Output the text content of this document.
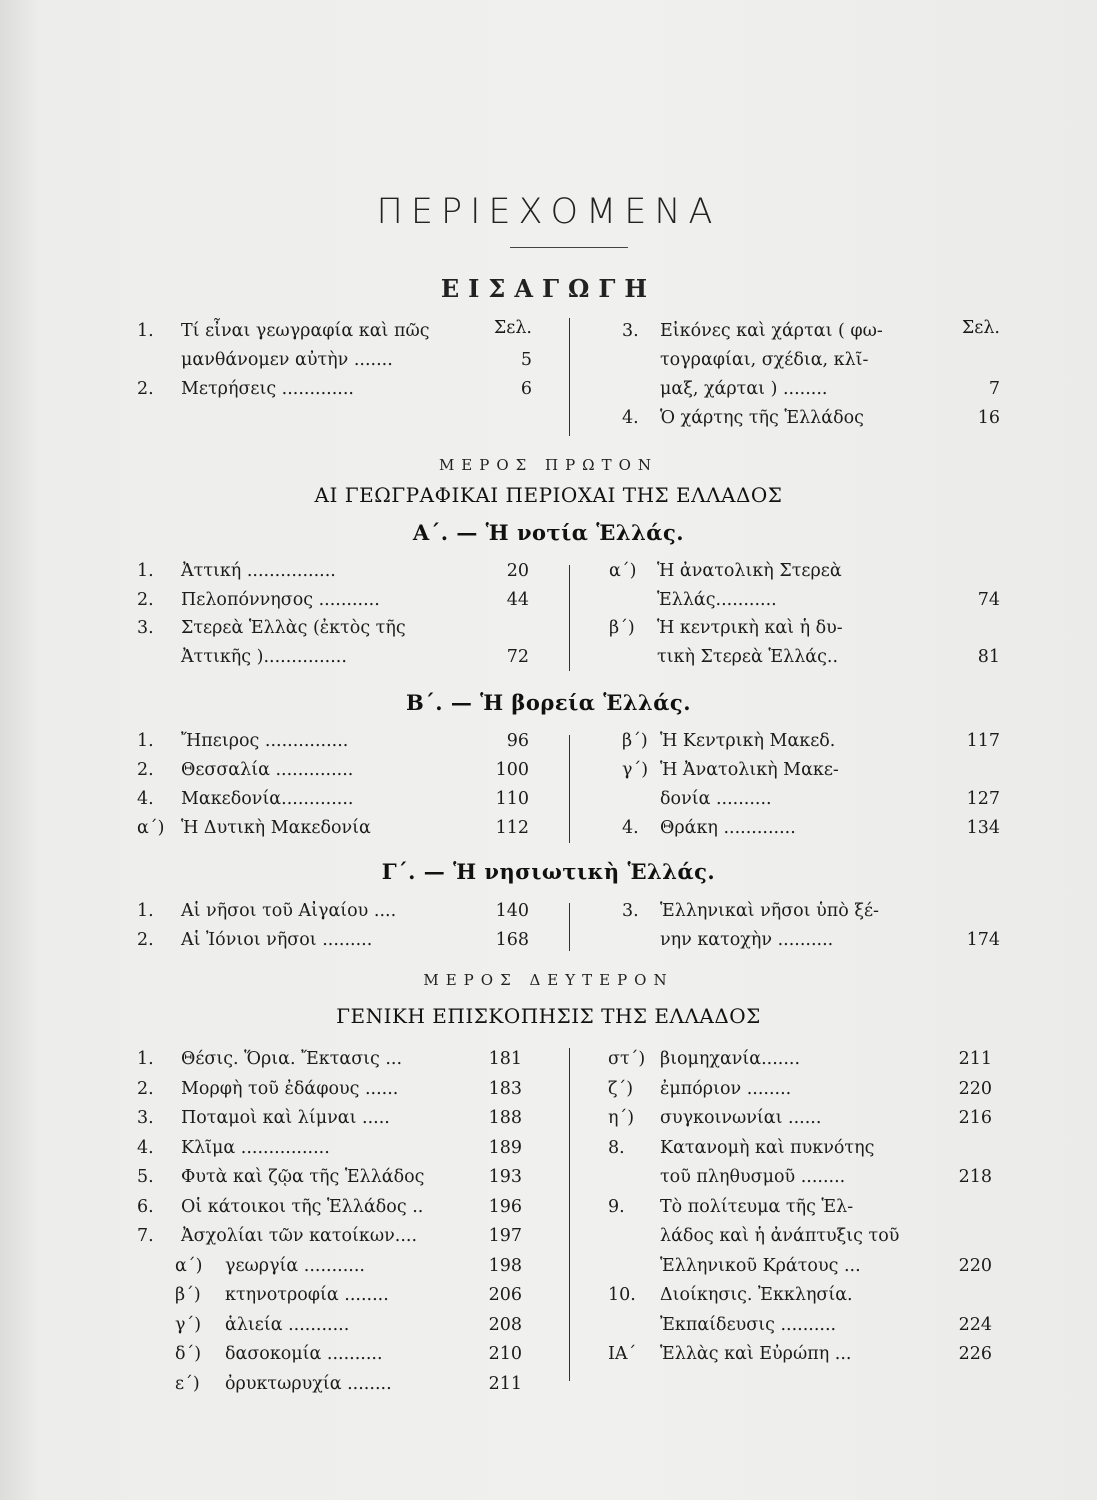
ΠΕΡΙΕΧΟΜΕΝΑ
ΕΙΣΑΓΩΓΗ
Σελ.
1. Τί εἶναι γεωγραφία καὶ πῶς
μανθάνομεν αὐτὴν .......	5
2. Μετρήσεις .............	6
Σελ.
3. Εἰκόνες καὶ χάρται ( φω-
τογραφίαι, σχέδια, κλῖ-
μαξ, χάρται ) ........	7
4. Ὁ χάρτης τῆς Ἑλλάδος	16
ΜΕΡΟΣ ΠΡΩΤΟΝ
ΑΙ ΓΕΩΓΡΑΦΙΚΑΙ ΠΕΡΙΟΧΑΙ ΤΗΣ ΕΛΛΑΔΟΣ
Α΄. — Ἡ νοτία Ἑλλάς.
1. Ἀττική ................	20
2. Πελοπόννησος ...........	44
3. Στερεὰ Ἑλλὰς (ἐκτὸς τῆς
Ἀττικῆς )...............	72
α΄) Ἡ ἀνατολικὴ Στερεὰ
Ἑλλάς...........	74
β΄) Ἡ κεντρικὴ καὶ ἡ δυ-
τικὴ Στερεὰ Ἑλλάς..	81
Β΄. — Ἡ βορεία Ἑλλάς.
1. Ἤπειρος ...............	96
2. Θεσσαλία ..............	100
4. Μακεδονία.............	110
α΄) Ἡ Δυτικὴ Μακεδονία	112
β΄) Ἡ Κεντρικὴ Μακεδ.	117
γ΄) Ἡ Ἀνατολικὴ Μακε-
δονία ..........	127
4. Θράκη .............	134
Γ΄. — Ἡ νησιωτικὴ Ἑλλάς.
1. Αἱ νῆσοι τοῦ Αἰγαίου ....	140
2. Αἱ Ἰόνιοι νῆσοι .........	168
3. Ἑλληνικαὶ νῆσοι ὑπὸ ξέ-
νην κατοχὴν ..........	174
ΜΕΡΟΣ ΔΕΥΤΕΡΟΝ
ΓΕΝΙΚΗ ΕΠΙΣΚΟΠΗΣΙΣ ΤΗΣ ΕΛΛΑΔΟΣ
1. Θέσις. Ὅρια. Ἔκτασις ...	181
2. Μορφὴ τοῦ ἐδάφους ......	183
3. Ποταμοὶ καὶ λίμναι .....	188
4. Κλῖμα ................	189
5. Φυτὰ καὶ ζῷα τῆς Ἑλλάδος	193
6. Οἱ κάτοικοι τῆς Ἑλλάδος ..	196
7. Ἀσχολίαι τῶν κατοίκων....	197
α΄) γεωργία ...........	198
β΄) κτηνοτροφία ........	206
γ΄) ἁλιεία ...........	208
δ΄) δασοκομία ..........	210
ε΄) ὀρυκτωρυχία ........	211
στ΄) βιομηχανία.......	211
ζ΄) ἐμπόριον ........	220
η΄) συγκοινωνίαι ......	216
8. Κατανομὴ καὶ πυκνότης
τοῦ πληθυσμοῦ ........	218
9. Τὸ πολίτευμα τῆς Ἑλ-
λάδος καὶ ἡ ἀνάπτυξις τοῦ
Ἑλληνικοῦ Κράτους ...	220
10. Διοίκησις. Ἐκκλησία.
Ἐκπαίδευσις ..........	224
ΙΑ΄ Ἑλλὰς καὶ Εὐρώπη ...	226
